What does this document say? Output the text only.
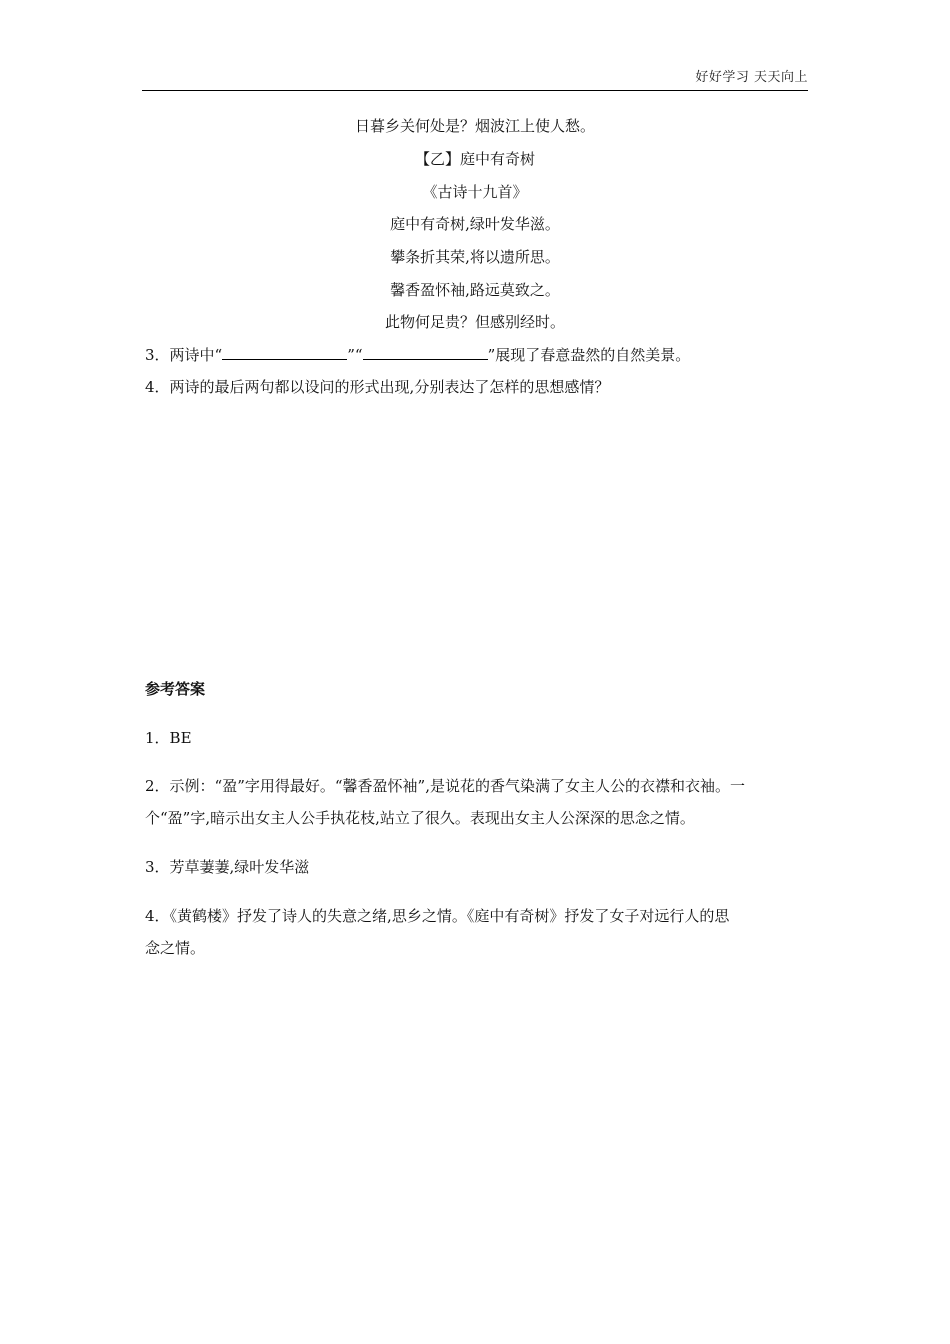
好好学习 天天向上
日暮乡关何处是？烟波江上使人愁。
【乙】庭中有奇树
《古诗十九首》
庭中有奇树,绿叶发华滋。
攀条折其荣,将以遗所思。
馨香盈怀袖,路远莫致之。
此物何足贵？但感别经时。
3．两诗中“	”“	”展现了春意盎然的自然美景。
4．两诗的最后两句都以设问的形式出现,分别表达了怎样的思想感情？
参考答案
1．BE
2．示例：“盈”字用得最好。“馨香盈怀袖”,是说花的香气染满了女主人公的衣襟和衣袖。一
个“盈”字,暗示出女主人公手执花枝,站立了很久。表现出女主人公深深的思念之情。
3．芳草萋萋,绿叶发华滋
4．《黄鹤楼》抒发了诗人的失意之绪,思乡之情。《庭中有奇树》抒发了女子对远行人的思
念之情。
